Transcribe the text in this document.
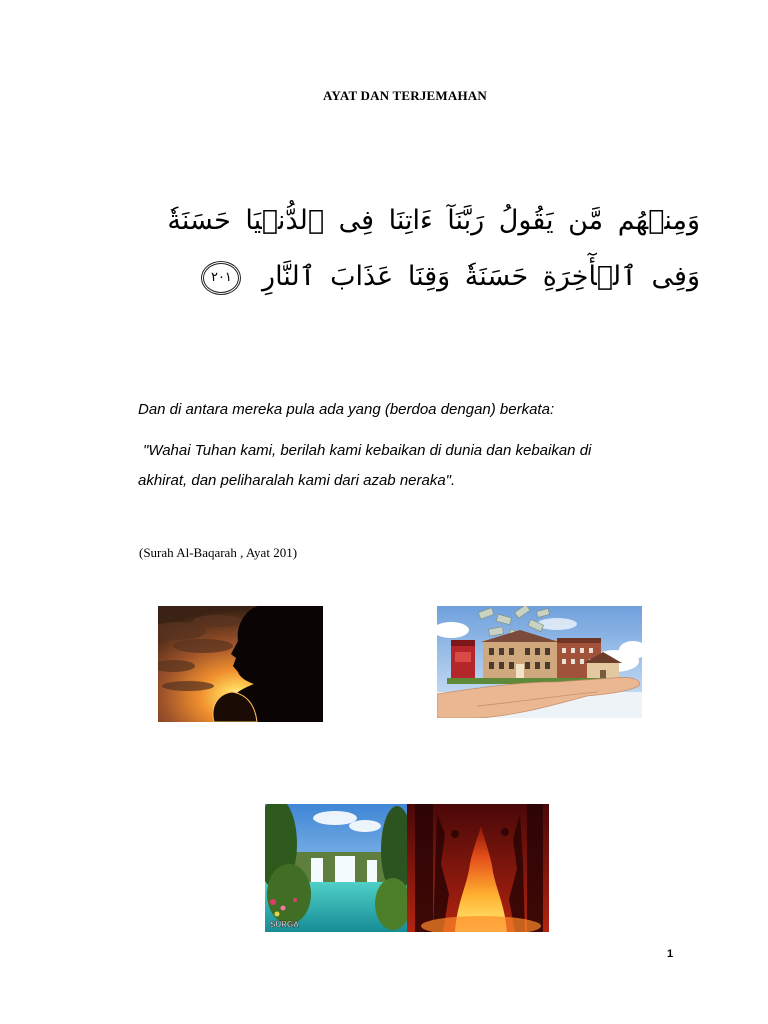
AYAT DAN TERJEMAHAN
وَمِنۡهُم مَّن يَقُولُ رَبَّنَآ ءَاتِنَا فِى ٱلدُّنۡيَا حَسَنَةٗ
وَفِى ٱلۡأٓخِرَةِ حَسَنَةٗ وَقِنَا عَذَابَ ٱلنَّارِ ٢٠١
Dan di antara mereka pula ada yang (berdoa dengan) berkata:
"Wahai Tuhan kami, berilah kami kebaikan di dunia dan kebaikan di
akhirat, dan peliharalah kami dari azab neraka".
(Surah Al-Baqarah , Ayat 201)
SURGA
1
